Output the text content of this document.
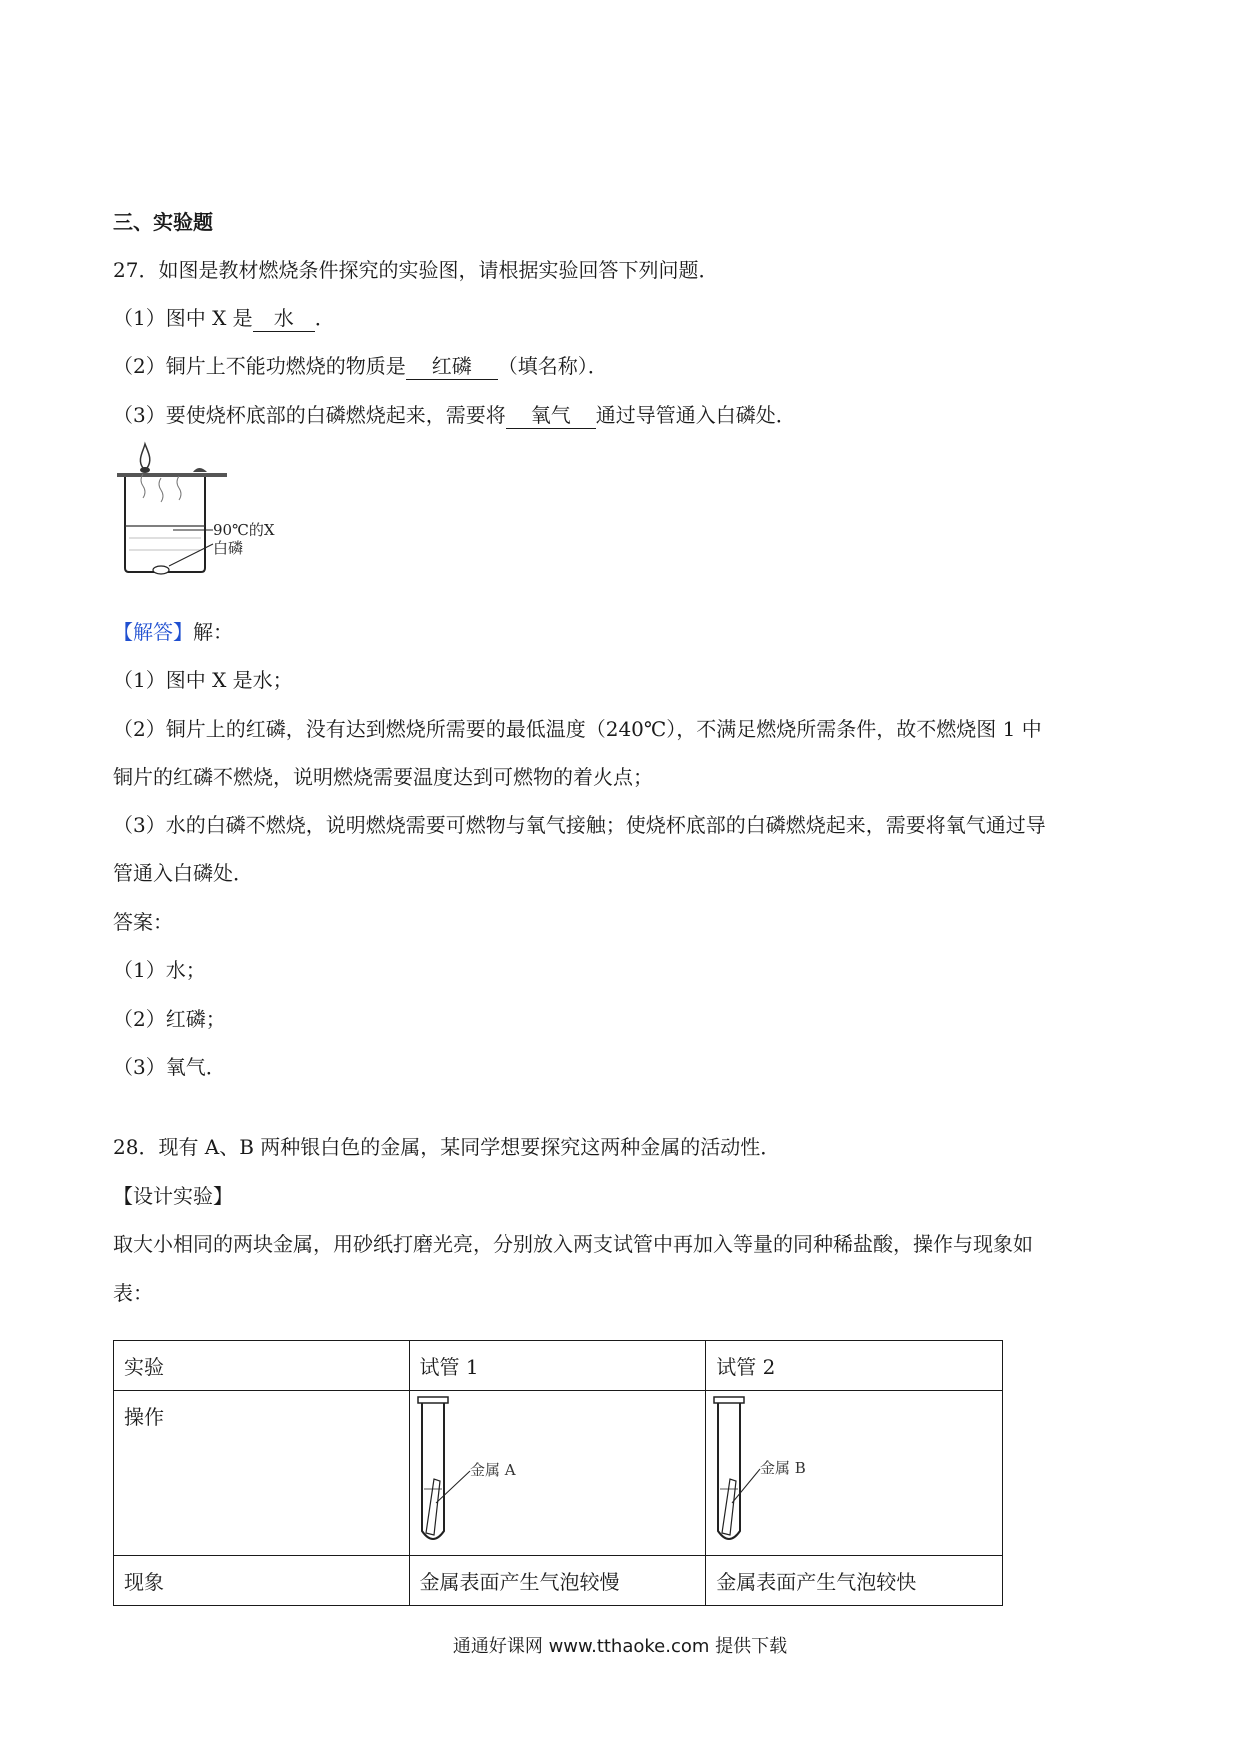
三、实验题
27．如图是教材燃烧条件探究的实验图，请根据实验回答下列问题．
（1）图中 X 是 水 ．
（2）铜片上不能功燃烧的物质是 红磷 （填名称）．
（3）要使烧杯底部的白磷燃烧起来，需要将 氧气 通过导管通入白磷处．
90℃的X
白磷
【解答】解：
（1）图中 X 是水；
（2）铜片上的红磷，没有达到燃烧所需要的最低温度（240℃），不满足燃烧所需条件，故不燃烧图 1 中
铜片的红磷不燃烧，说明燃烧需要温度达到可燃物的着火点；
（3）水的白磷不燃烧，说明燃烧需要可燃物与氧气接触；使烧杯底部的白磷燃烧起来，需要将氧气通过导
管通入白磷处．
答案：
（1）水；
（2）红磷；
（3）氧气．
28．现有 A、B 两种银白色的金属，某同学想要探究这两种金属的活动性．
【设计实验】
取大小相同的两块金属，用砂纸打磨光亮，分别放入两支试管中再加入等量的同种稀盐酸，操作与现象如
表：
实验	试管 1	试管 2
操作	金属 A	金属 B

现象	金属表面产生气泡较慢	金属表面产生气泡较快
通通好课网 www.tthaoke.com 提供下载
